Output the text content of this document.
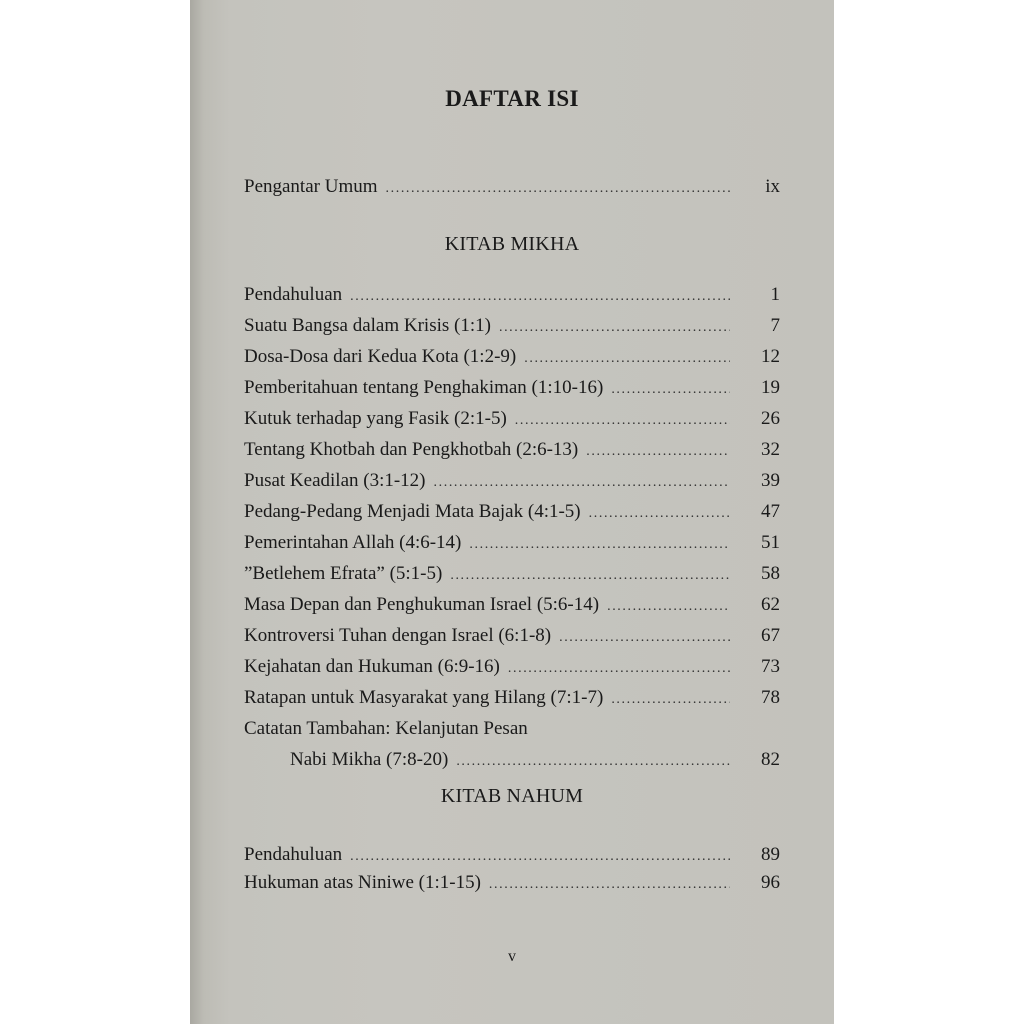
DAFTAR ISI
Pengantar Umum .....	ix
KITAB MIKHA
Pendahuluan .....	1
Suatu Bangsa dalam Krisis (1:1) .....	7
Dosa-Dosa dari Kedua Kota (1:2-9) .....	12
Pemberitahuan tentang Penghakiman (1:10-16) .....	19
Kutuk terhadap yang Fasik (2:1-5) .....	26
Tentang Khotbah dan Pengkhotbah (2:6-13) .....	32
Pusat Keadilan (3:1-12) .....	39
Pedang-Pedang Menjadi Mata Bajak (4:1-5) .....	47
Pemerintahan Allah (4:6-14) .....	51
”Betlehem Efrata” (5:1-5) .....	58
Masa Depan dan Penghukuman Israel (5:6-14) .....	62
Kontroversi Tuhan dengan Israel (6:1-8) .....	67
Kejahatan dan Hukuman (6:9-16) .....	73
Ratapan untuk Masyarakat yang Hilang (7:1-7) .....	78
Catatan Tambahan: Kelanjutan Pesan
Nabi Mikha (7:8-20) .....	82
KITAB NAHUM
Pendahuluan .....	89
Hukuman atas Niniwe (1:1-15) .....	96
v
